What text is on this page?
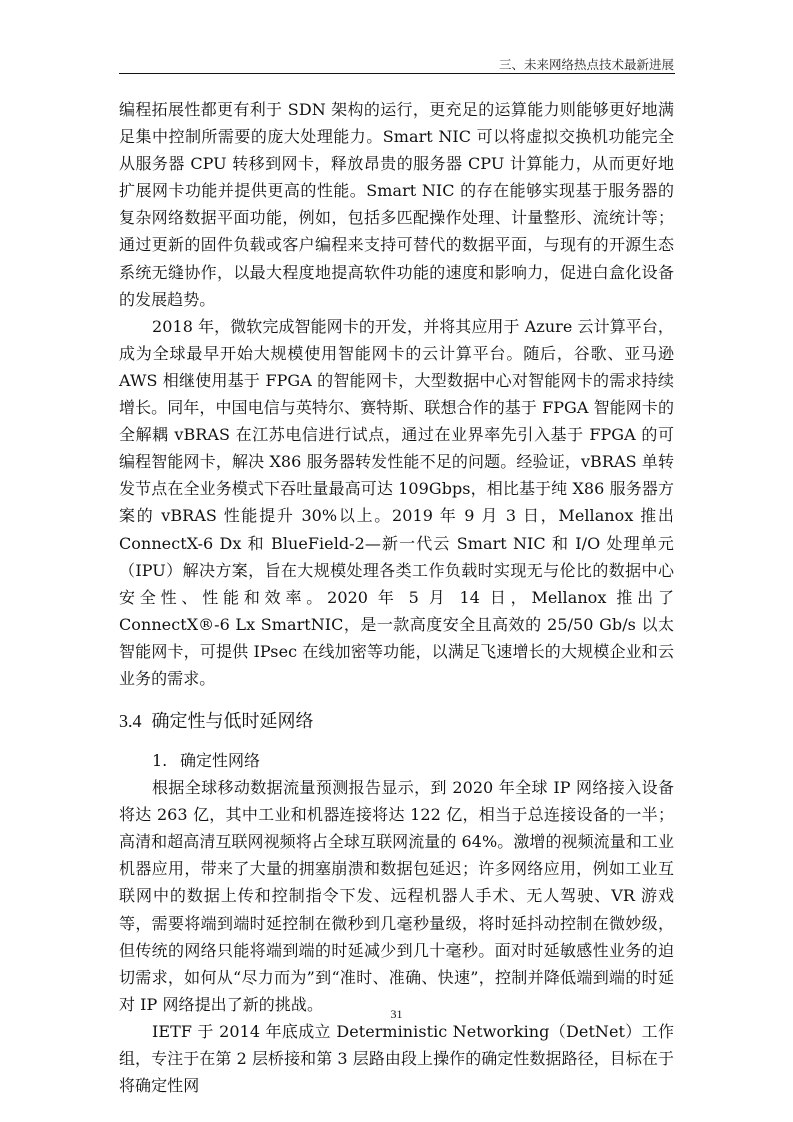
三、未来网络热点技术最新进展

编程拓展性都更有利于 SDN 架构的运行，更充足的运算能力则能够更好地满足集中控制所需要的庞大处理能力。Smart NIC 可以将虚拟交换机功能完全从服务器 CPU 转移到网卡，释放昂贵的服务器 CPU 计算能力，从而更好地扩展网卡功能并提供更高的性能。Smart NIC 的存在能够实现基于服务器的复杂网络数据平面功能，例如，包括多匹配操作处理、计量整形、流统计等；通过更新的固件负载或客户编程来支持可替代的数据平面，与现有的开源生态系统无缝协作，以最大程度地提高软件功能的速度和影响力，促进白盒化设备的发展趋势。

2018 年，微软完成智能网卡的开发，并将其应用于 Azure 云计算平台，成为全球最早开始大规模使用智能网卡的云计算平台。随后，谷歌、亚马逊 AWS 相继使用基于 FPGA 的智能网卡，大型数据中心对智能网卡的需求持续增长。同年，中国电信与英特尔、赛特斯、联想合作的基于 FPGA 智能网卡的全解耦 vBRAS 在江苏电信进行试点，通过在业界率先引入基于 FPGA 的可编程智能网卡，解决 X86 服务器转发性能不足的问题。经验证，vBRAS 单转发节点在全业务模式下吞吐量最高可达 109Gbps，相比基于纯 X86 服务器方案的 vBRAS 性能提升 30%以上。2019 年 9 月 3 日，Mellanox 推出 ConnectX-6 Dx 和 BlueField-2—新一代云 Smart NIC 和 I/O 处理单元（IPU）解决方案，旨在大规模处理各类工作负载时实现无与伦比的数据中心安全性、性能和效率。2020 年 5 月 14 日，Mellanox 推出了 ConnectX®-6 Lx SmartNIC，是一款高度安全且高效的 25/50 Gb/s 以太智能网卡，可提供 IPsec 在线加密等功能，以满足飞速增长的大规模企业和云业务的需求。

3.4 确定性与低时延网络

1. 确定性网络

根据全球移动数据流量预测报告显示，到 2020 年全球 IP 网络接入设备将达 263 亿，其中工业和机器连接将达 122 亿，相当于总连接设备的一半；高清和超高清互联网视频将占全球互联网流量的 64%。激增的视频流量和工业机器应用，带来了大量的拥塞崩溃和数据包延迟；许多网络应用，例如工业互联网中的数据上传和控制指令下发、远程机器人手术、无人驾驶、VR 游戏等，需要将端到端时延控制在微秒到几毫秒量级，将时延抖动控制在微妙级，但传统的网络只能将端到端的时延减少到几十毫秒。面对时延敏感性业务的迫切需求，如何从“尽力而为”到“准时、准确、快速”，控制并降低端到端的时延对 IP 网络提出了新的挑战。

IETF 于 2014 年底成立 Deterministic Networking（DetNet）工作组，专注于在第 2 层桥接和第 3 层路由段上操作的确定性数据路径，目标在于将确定性网

31
